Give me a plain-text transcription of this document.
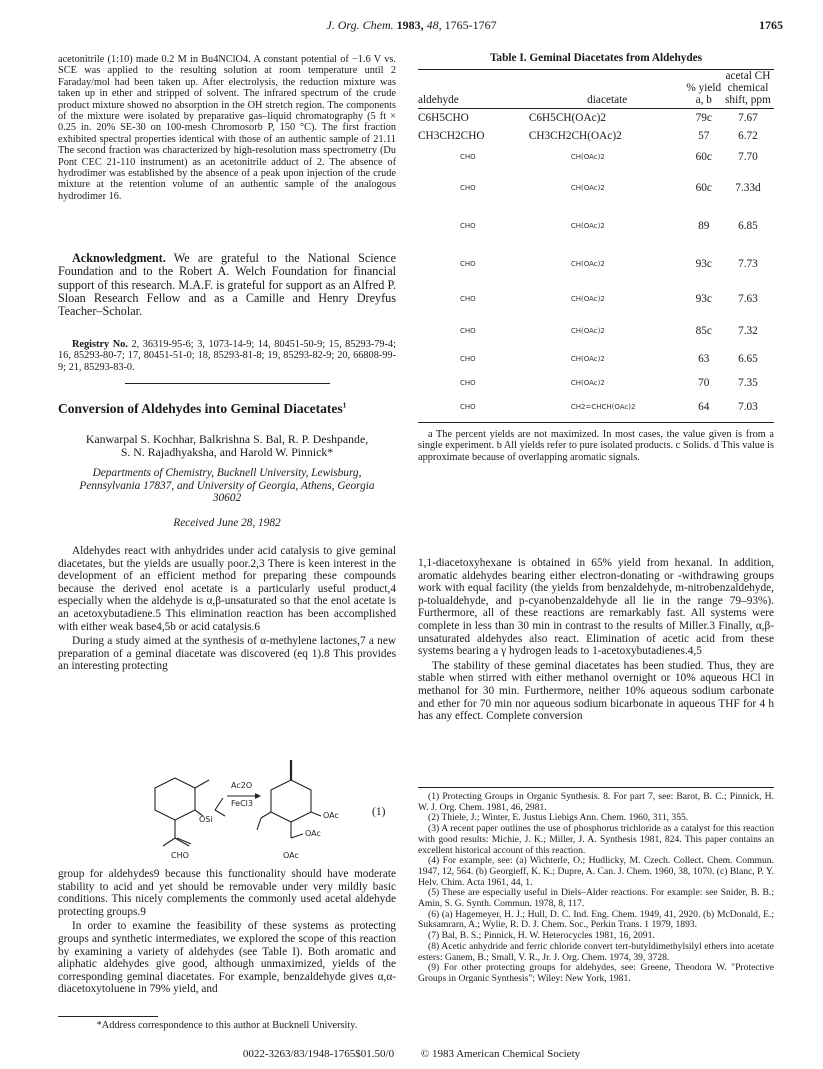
J. Org. Chem. 1983, 48, 1765-1767	1765

acetonitrile (1:10) made 0.2 M in Bu4NClO4. A constant potential of −1.6 V vs. SCE was applied to the resulting solution at room temperature until 2 Faraday/mol had been taken up. After electrolysis, the reduction mixture was taken up in ether and stripped of solvent. The infrared spectrum of the crude product mixture showed no absorption in the OH stretch region. The components of the mixture were isolated by preparative gas–liquid chromatography (5 ft × 0.25 in. 20% SE-30 on 100-mesh Chromosorb P, 150 °C). The first fraction exhibited spectral properties identical with those of an authentic sample of 21.11 The second fraction was characterized by high-resolution mass spectrometry (Du Pont CEC 21-110 instrument) as an acetonitrile adduct of 2. The absence of hydrodimer was established by the absence of a peak upon injection of the crude mixture at the retention volume of an authentic sample of the analogous hydrodimer 16.

Acknowledgment. We are grateful to the National Science Foundation and to the Robert A. Welch Foundation for financial support of this research. M.A.F. is grateful for support as an Alfred P. Sloan Research Fellow and as a Camille and Henry Dreyfus Teacher–Scholar.

Registry No. 2, 36319-95-6; 3, 1073-14-9; 14, 80451-50-9; 15, 85293-79-4; 16, 85293-80-7; 17, 80451-51-0; 18, 85293-81-8; 19, 85293-82-9; 20, 66808-99-9; 21, 85293-83-0.

Conversion of Aldehydes into Geminal Diacetates$^1$

Kanwarpal S. Kochhar, Balkrishna S. Bal, R. P. Deshpande,

S. N. Rajadhyaksha, and Harold W. Pinnick*

Departments of Chemistry, Bucknell University, Lewisburg, Pennsylvania 17837, and University of Georgia, Athens, Georgia 30602

Received June 28, 1982

Aldehydes react with anhydrides under acid catalysis to give geminal diacetates, but the yields are usually poor.2,3 There is keen interest in the development of an efficient method for preparing these compounds because the derived enol acetate is a particularly useful product,4 especially when the aldehyde is α,β-unsaturated so that the enol acetate is an acetoxybutadiene.5 This elimination reaction has been accomplished with either weak base4,5b or acid catalysis.6

During a study aimed at the synthesis of α-methylene lactones,7 a new preparation of a geminal diacetate was discovered (eq 1).8 This provides an interesting protecting

OSi
CHO
Ac2O
FeCl3
OAc
OAc
OAc
(1)

group for aldehydes9 because this functionality should have moderate stability to acid and yet should be removable under very mildly basic conditions. This nicely complements the commonly used acetal aldehyde protecting groups.9

In order to examine the feasibility of these systems as protecting groups and synthetic intermediates, we explored the scope of this reaction by examining a variety of aldehydes (see Table I). Both aromatic and aliphatic aldehydes give good, although unmaximized, yields of the corresponding geminal diacetates. For example, benzaldehyde gives α,α-diacetoxytoluene in 79% yield, and

*Address correspondence to this author at Bucknell University.
Table I. Geminal Diacetates from Aldehydes
aldehyde	diacetate	% yield a, b	acetal CH chemical shift, ppm

C6H5CHO	C6H5CH(OAc)2	79c	7.67
CH3CH2CHO	CH3CH2CH(OAc)2	57	6.72
CHO	CH(OAc)2	60c	7.70
CHO	CH(OAc)2	60c	7.33d
CHO	CH(OAc)2	89	6.85
CHO	CH(OAc)2	93c	7.73
CHO	CH(OAc)2	93c	7.63
CHO	CH(OAc)2	85c	7.32
CHO	CH(OAc)2	63	6.65
CHO	CH(OAc)2	70	7.35
CHO	CH2=CHCH(OAc)2	64	7.03

a The percent yields are not maximized. In most cases, the value given is from a single experiment. b All yields refer to pure isolated products. c Solids. d This value is approximate because of overlapping aromatic signals.

1,1-diacetoxyhexane is obtained in 65% yield from hexanal. In addition, aromatic aldehydes bearing either electron-donating or -withdrawing groups work with equal facility (the yields from benzaldehyde, m-nitrobenzaldehyde, p-tolualdehyde, and p-cyanobenzaldehyde all lie in the range 79–93%). Furthermore, all of these reactions are remarkably fast. All systems were complete in less than 30 min in contrast to the results of Miller.3 Finally, α,β-unsaturated aldehydes also react. Elimination of acetic acid from these systems bearing a γ hydrogen leads to 1-acetoxybutadienes.4,5

The stability of these geminal diacetates has been studied. Thus, they are stable when stirred with either methanol overnight or 10% aqueous HCl in methanol for 30 min. Furthermore, neither 10% aqueous sodium carbonate and ether for 70 min nor aqueous sodium bicarbonate in aqueous THF for 4 h has any effect. Complete conversion

(1) Protecting Groups in Organic Synthesis. 8. For part 7, see: Barot, B. C.; Pinnick, H. W. J. Org. Chem. 1981, 46, 2981.

(2) Thiele, J.; Winter, E. Justus Liebigs Ann. Chem. 1960, 311, 355.

(3) A recent paper outlines the use of phosphorus trichloride as a catalyst for this reaction with good results: Michie, J. K.; Miller, J. A. Synthesis 1981, 824. This paper contains an excellent historical account of this reaction.

(4) For example, see: (a) Wichterle, O.; Hudlicky, M. Czech. Collect. Chem. Commun. 1947, 12, 564. (b) Georgieff, K. K.; Dupre, A. Can. J. Chem. 1960, 38, 1070. (c) Blanc, P. Y. Helv. Chim. Acta 1961, 44, 1.

(5) These are especially useful in Diels–Alder reactions. For example: see Snider, B. B.; Amin, S. G. Synth. Commun. 1978, 8, 117.

(6) (a) Hagemeyer, H. J.; Hull, D. C. Ind. Eng. Chem. 1949, 41, 2920. (b) McDonald, E.; Suksamrarn, A.; Wylie, R. D. J. Chem. Soc., Perkin Trans. 1 1979, 1893.

(7) Bal, B. S.; Pinnick, H. W. Heterocycles 1981, 16, 2091.

(8) Acetic anhydride and ferric chloride convert tert-butyldimethylsilyl ethers into acetate esters: Ganem, B.; Small, V. R., Jr. J. Org. Chem. 1974, 39, 3728.

(9) For other protecting groups for aldehydes, see: Greene, Theodora W. "Protective Groups in Organic Synthesis"; Wiley: New York, 1981.

0022-3263/83/1948-1765$01.50/0 © 1983 American Chemical Society
